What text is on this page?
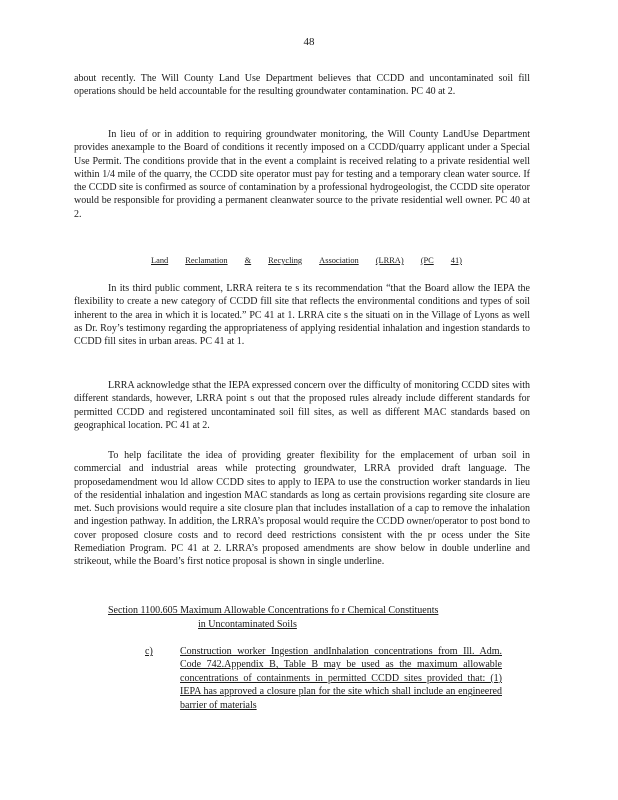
48

about recently. The Will County Land Use Department believes that CCDD and uncontaminated soil fill operations should be held accountable for the resulting groundwater contamination. PC 40 at 2.

In lieu of or in addition to requiring groundwater monitoring, the Will County LandUse Department provides anexample to the Board of conditions it recently imposed on a CCDD/quarry applicant under a Special Use Permit. The conditions provide that in the event a complaint is received relating to a private residential well within 1/4 mile of the quarry, the CCDD site operator must pay for testing and a temporary clean water source. If the CCDD site is confirmed as source of contamination by a professional hydrogeologist, the CCDD site operator would be responsible for providing a permanent cleanwater source to the private residential well owner. PC 40 at 2.

Land Reclamation & Recycling Association (LRRA) (PC 41)

In its third public comment, LRRA reitera te s its recommendation “that the Board allow the IEPA the flexibility to create a new category of CCDD fill site that reflects the environmental conditions and types of soil inherent to the area in which it is located.” PC 41 at 1. LRRA cite s the situati on in the Village of Lyons as well as Dr. Roy’s testimony regarding the appropriateness of applying residential inhalation and ingestion standards to CCDD fill sites in urban areas. PC 41 at 1.

LRRA acknowledge sthat the IEPA expressed concern over the difficulty of monitoring CCDD sites with different standards, however, LRRA point s out that the proposed rules already include different standards for permitted CCDD and registered uncontaminated soil fill sites, as well as different MAC standards based on geographical location. PC 41 at 2.

To help facilitate the idea of providing greater flexibility for the emplacement of urban soil in commercial and industrial areas while protecting groundwater, LRRA provided draft language. The proposedamendment wou ld allow CCDD sites to apply to IEPA to use the construction worker standards in lieu of the residential inhalation and ingestion MAC standards as long as certain provisions regarding site closure are met. Such provisions would require a site closure plan that includes installation of a cap to remove the inhalation and ingestion pathway. In addition, the LRRA’s proposal would require the CCDD owner/operator to post bond to cover proposed closure costs and to record deed restrictions consistent with the pr ocess under the Site Remediation Program. PC 41 at 2. LRRA’s proposed amendments are show below in double underline and strikeout, while the Board’s first notice proposal is shown in single underline.

Section 1100.605 Maximum Allowable Concentrations fo r Chemical Constituents
in Uncontaminated Soils
c)	Construction worker Ingestion andInhalation concentrations from Ill. Adm. Code 742.Appendix B, Table B may be used as the maximum allowable concentrations of containments in permitted CCDD sites provided that: (1) IEPA has approved a closure plan for the site which shall include an engineered barrier of materials
